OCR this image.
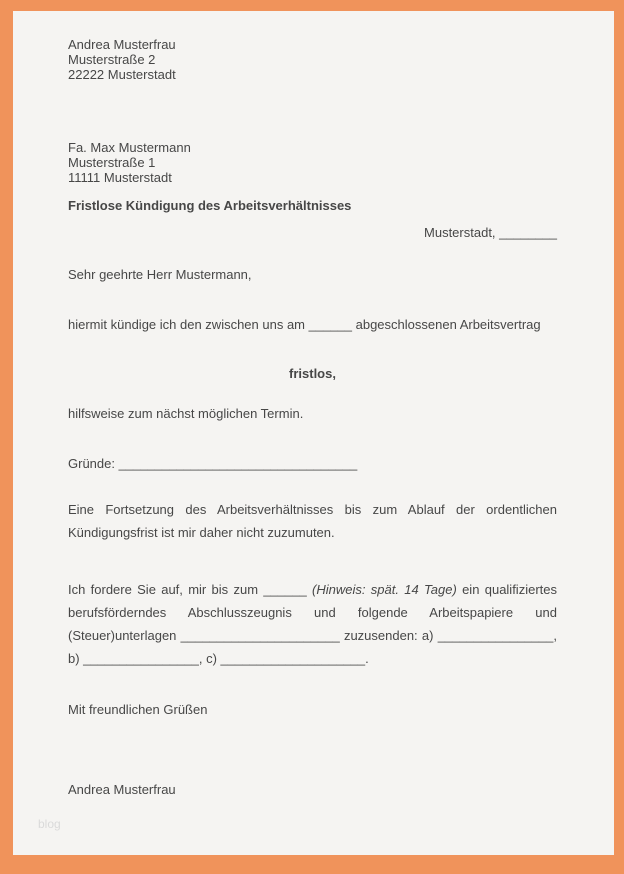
Andrea Musterfrau
Musterstraße 2
22222 Musterstadt
Fa. Max Mustermann
Musterstraße 1
11111 Musterstadt
Fristlose Kündigung des Arbeitsverhältnisses
Musterstadt, ________
Sehr geehrte Herr Mustermann,
hiermit kündige ich den zwischen uns am ______ abgeschlossenen Arbeitsvertrag
fristlos,
hilfsweise zum nächst möglichen Termin.
Gründe: _________________________________
Eine Fortsetzung des Arbeitsverhältnisses bis zum Ablauf der ordentlichen Kündigungsfrist ist mir daher nicht zuzumuten.
Ich fordere Sie auf, mir bis zum ______ (Hinweis: spät. 14 Tage) ein qualifiziertes berufsförderndes Abschlusszeugnis und folgende Arbeitspapiere und (Steuer)unterlagen ______________________ zuzusenden: a) ________________, b) ________________, c) ____________________.
Mit freundlichen Grüßen
Andrea Musterfrau
blog
